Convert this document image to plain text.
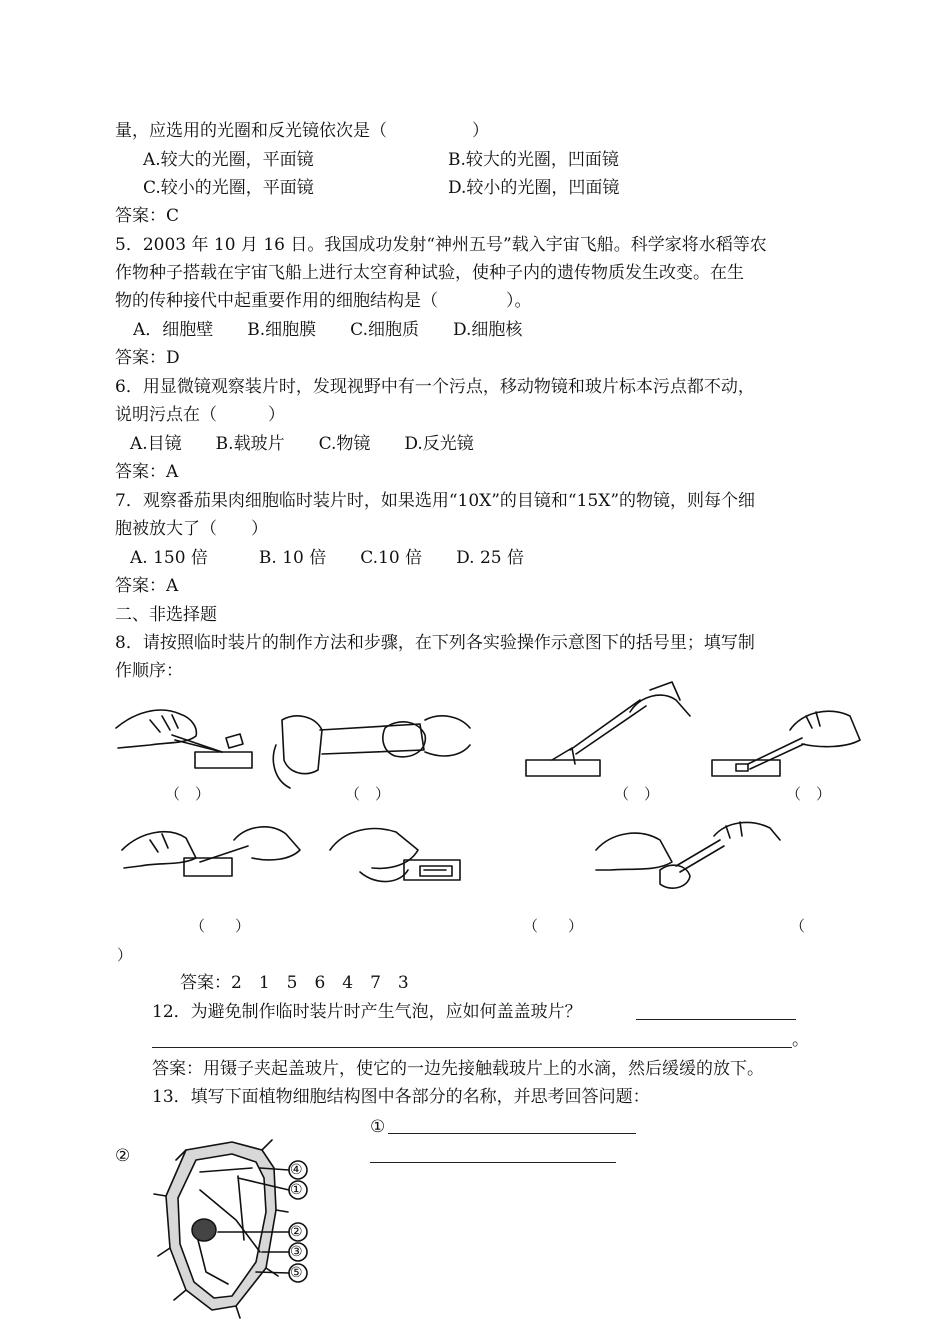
量，应选用的光圈和反光镜依次是（　　　　　）
A.较大的光圈，平面镜	B.较大的光圈，凹面镜
C.较小的光圈，平面镜	D.较小的光圈，凹面镜
答案：C
5．2003 年 10 月 16 日。我国成功发射“神州五号”载入宇宙飞船。科学家将水稻等农
作物种子搭载在宇宙飞船上进行太空育种试验，使种子内的遗传物质发生改变。在生
物的传种接代中起重要作用的细胞结构是（　　　　）。
A．细胞壁　　B.细胞膜　　C.细胞质　　D.细胞核
答案：D
6．用显微镜观察装片时，发现视野中有一个污点，移动物镜和玻片标本污点都不动，
说明污点在（　　　）
A.目镜　　B.载玻片　　C.物镜　　D.反光镜
答案：A
7．观察番茄果肉细胞临时装片时，如果选用“10X”的目镜和“15X”的物镜，则每个细
胞被放大了（　　）
A. 150 倍　　　B. 10 倍　　C.10 倍　　D. 25 倍
答案：A
二、非选择题
8．请按照临时装片的制作方法和步骤，在下列各实验操作示意图下的括号里；填写制
作顺序：
（　）	（　）	（　）	（　）
（　　）	（　　）	（
）
答案：2　1　5　6　4　7　3
12．为避免制作临时装片时产生气泡，应如何盖盖玻片？
。
答案：用镊子夹起盖玻片，使它的一边先接触载玻片上的水滴，然后缓缓的放下。
13．填写下面植物细胞结构图中各部分的名称，并思考回答问题：
①
②
④
①
②
③
⑤
